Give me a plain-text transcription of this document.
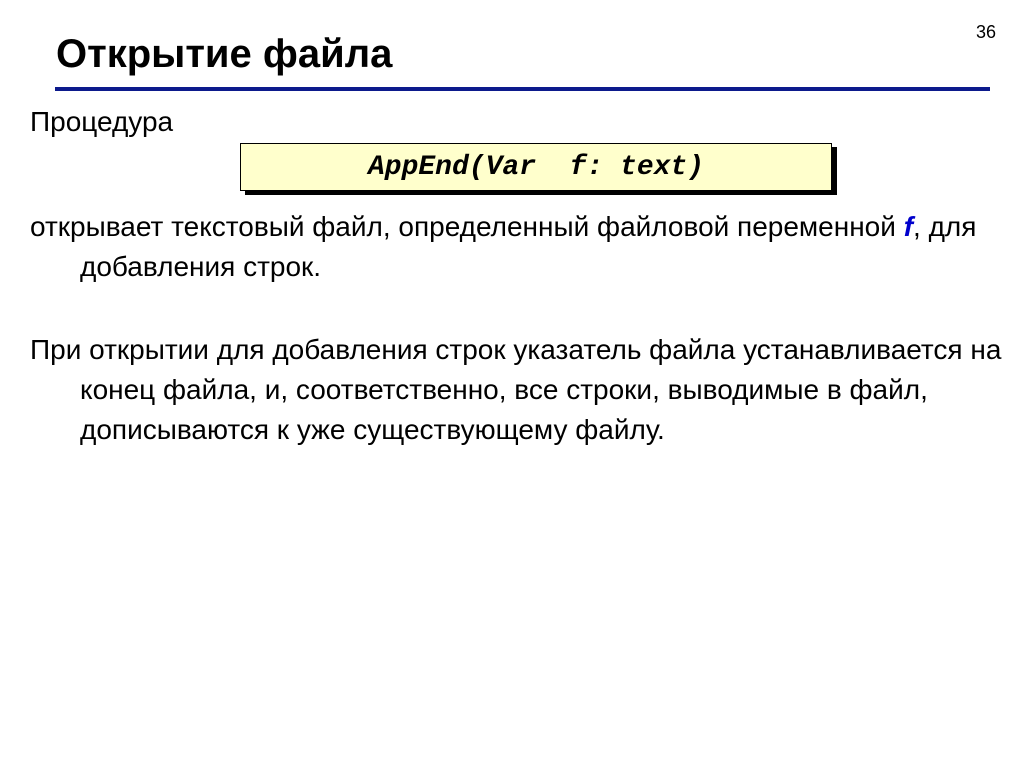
36
Открытие файла
Процедура
AppEnd(Var  f: text)

открывает текстовый файл, определенный файловой переменной f, для добавления строк.

При открытии для добавления строк указатель файла устанавливается на конец файла, и, соответственно, все строки, выводимые в файл, дописываются к уже существующему файлу.
